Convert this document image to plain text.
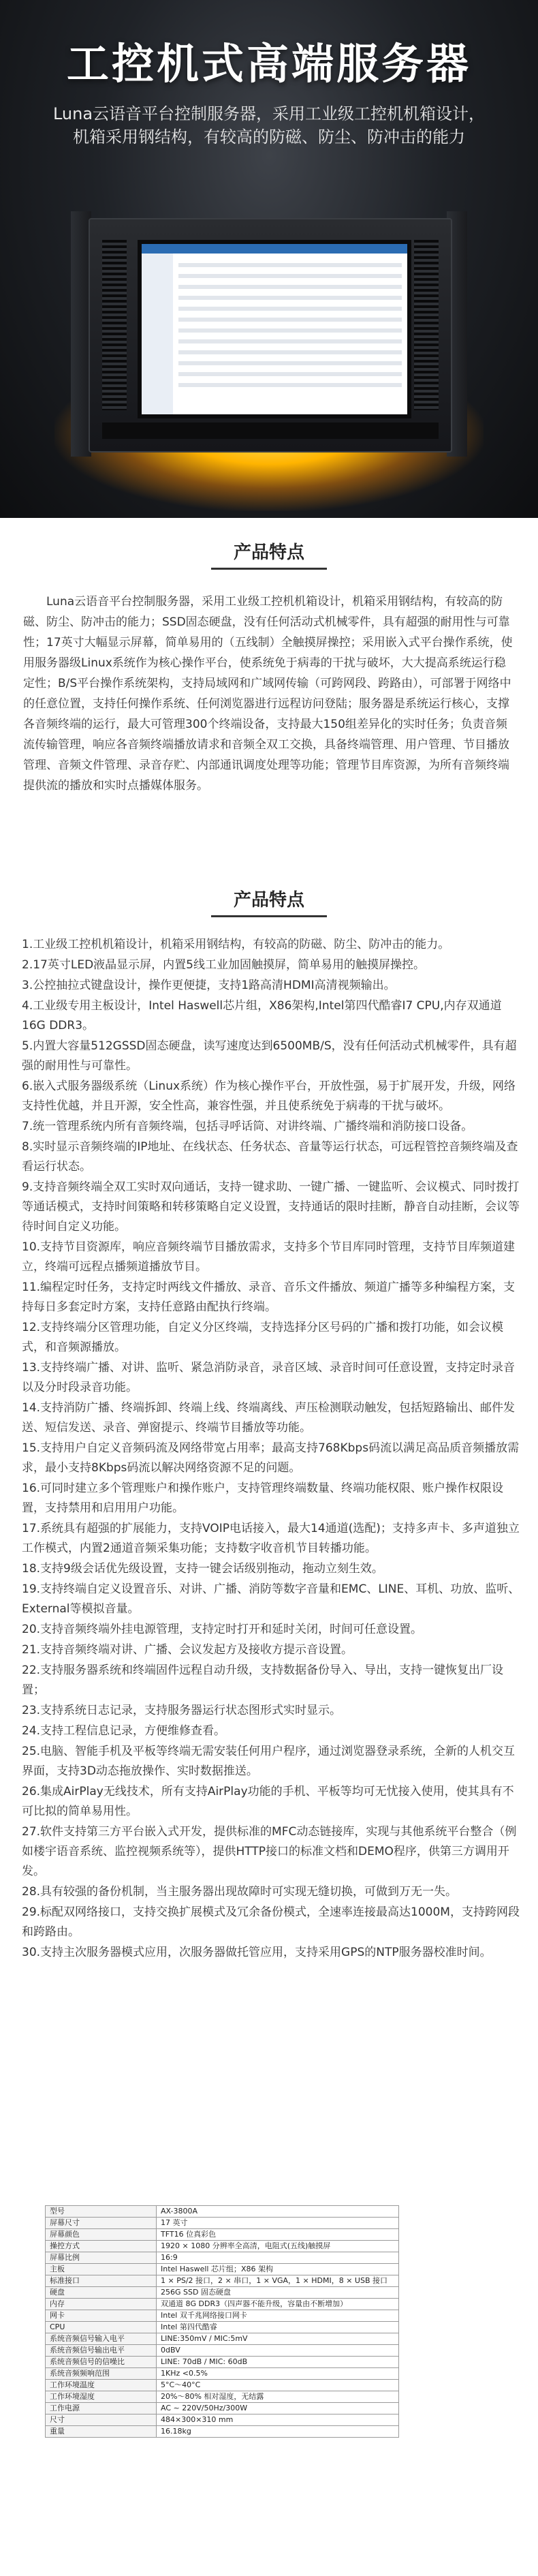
工控机式高端服务器
Luna云语音平台控制服务器，采用工业级工控机机箱设计，
机箱采用钢结构，有较高的防磁、防尘、防冲击的能力
产品特点

Luna云语音平台控制服务器，采用工业级工控机机箱设计，机箱采用钢结构，有较高的防磁、防尘、防冲击的能力；SSD固态硬盘，没有任何活动式机械零件，具有超强的耐用性与可靠性；17英寸大幅显示屏幕，简单易用的（五线制）全触摸屏操控；采用嵌入式平台操作系统，使用服务器级Linux系统作为核心操作平台，使系统免于病毒的干扰与破坏，大大提高系统运行稳定性；B/S平台操作系统架构，支持局域网和广域网传输（可跨网段、跨路由），可部署于网络中的任意位置，支持任何操作系统、任何浏览器进行远程访问登陆；服务器是系统运行核心，支撑各音频终端的运行，最大可管理300个终端设备，支持最大150组差异化的实时任务；负责音频流传输管理，响应各音频终端播放请求和音频全双工交换，具备终端管理、用户管理、节目播放管理、音频文件管理、录音存贮、内部通讯调度处理等功能；管理节目库资源，为所有音频终端提供流的播放和实时点播媒体服务。

产品特点
1.工业级工控机机箱设计，机箱采用钢结构，有较高的防磁、防尘、防冲击的能力。
2.17英寸LED液晶显示屏，内置5线工业加固触摸屏，简单易用的触摸屏操控。
3.公控抽拉式键盘设计，操作更便捷，支持1路高清HDMI高清视频输出。
4.工业级专用主板设计，Intel Haswell芯片组，X86架构,Intel第四代酷睿I7 CPU,内存双通道16G DDR3。
5.内置大容量512GSSD固态硬盘，读写速度达到6500MB/S，没有任何活动式机械零件，具有超强的耐用性与可靠性。
6.嵌入式服务器级系统（Linux系统）作为核心操作平台，开放性强，易于扩展开发，升级，网络支持性优越，并且开源，安全性高，兼容性强，并且使系统免于病毒的干扰与破坏。
7.统一管理系统内所有音频终端，包括寻呼话筒、对讲终端、广播终端和消防接口设备。
8.实时显示音频终端的IP地址、在线状态、任务状态、音量等运行状态，可远程管控音频终端及查看运行状态。
9.支持音频终端全双工实时双向通话，支持一键求助、一键广播、一键监听、会议模式、同时拨打等通话模式，支持时间策略和转移策略自定义设置，支持通话的限时挂断，静音自动挂断，会议等待时间自定义功能。
10.支持节目资源库，响应音频终端节目播放需求，支持多个节目库同时管理，支持节目库频道建立，终端可远程点播频道播放节目。
11.编程定时任务，支持定时两线文件播放、录音、音乐文件播放、频道广播等多种编程方案，支持每日多套定时方案，支持任意路由配执行终端。
12.支持终端分区管理功能，自定义分区终端，支持选择分区号码的广播和拨打功能，如会议模式，和音频源播放。
13.支持终端广播、对讲、监听、紧急消防录音，录音区域、录音时间可任意设置，支持定时录音以及分时段录音功能。
14.支持消防广播、终端拆卸、终端上线、终端离线、声压检测联动触发，包括短路输出、邮件发送、短信发送、录音、弹窗提示、终端节目播放等功能。
15.支持用户自定义音频码流及网络带宽占用率；最高支持768Kbps码流以满足高品质音频播放需求，最小支持8Kbps码流以解决网络资源不足的问题。
16.可同时建立多个管理账户和操作账户，支持管理终端数量、终端功能权限、账户操作权限设置，支持禁用和启用用户功能。
17.系统具有超强的扩展能力，支持VOIP电话接入，最大14通道(选配)；支持多声卡、多声道独立工作模式，内置2通道音频采集功能；支持数字收音机节目转播功能。
18.支持9级会话优先级设置，支持一键会话级别拖动，拖动立刻生效。
19.支持终端自定义设置音乐、对讲、广播、消防等数字音量和EMC、LINE、耳机、功放、监听、External等模拟音量。
20.支持音频终端外挂电源管理，支持定时打开和延时关闭，时间可任意设置。
21.支持音频终端对讲、广播、会议发起方及接收方提示音设置。
22.支持服务器系统和终端固件远程自动升级，支持数据备份导入、导出，支持一键恢复出厂设置；
23.支持系统日志记录，支持服务器运行状态图形式实时显示。
24.支持工程信息记录，方便维修查看。
25.电脑、智能手机及平板等终端无需安装任何用户程序，通过浏览器登录系统，全新的人机交互界面，支持3D动态拖放操作、实时数据推送。
26.集成AirPlay无线技术，所有支持AirPlay功能的手机、平板等均可无忧接入使用，使其具有不可比拟的简单易用性。
27.软件支持第三方平台嵌入式开发，提供标准的MFC动态链接库，实现与其他系统平台整合（例如楼宇语音系统、监控视频系统等），提供HTTP接口的标准文档和DEMO程序，供第三方调用开发。
28.具有较强的备份机制，当主服务器出现故障时可实现无缝切换，可做到万无一失。
29.标配双网络接口，支持交换扩展模式及冗余备份模式，全速率连接最高达1000M，支持跨网段和跨路由。
30.支持主次服务器模式应用，次服务器做托管应用，支持采用GPS的NTP服务器校准时间。
型号	AX-3800A
屏幕尺寸	17 英寸
屏幕颜色	TFT16 位真彩色
操控方式	1920 × 1080 分辨率全高清，电阻式(五线)触摸屏
屏幕比例	16:9
主板	Intel Haswell 芯片组；X86 架构
标准接口	1 × PS/2 接口，2 × 串口，1 × VGA，1 × HDMI，8 × USB 接口
硬盘	256G SSD 固态硬盘
内存	双通道 8G DDR3（四声器不能升级，容量由不断增加）
网卡	Intel 双千兆网络接口网卡
CPU	Intel 第四代酷睿
系统音频信号输入电平	LINE:350mV / MIC:5mV
系统音频信号输出电平	0dBV
系统音频信号的信噪比	LINE: 70dB / MIC: 60dB
系统音频频响范围	1KHz <0.5%
工作环境温度	5°C～40°C
工作环境湿度	20%～80% 相对湿度，无结露
工作电源	AC ~ 220V/50Hz/300W
尺寸	484×300×310 mm
重量	16.18kg
